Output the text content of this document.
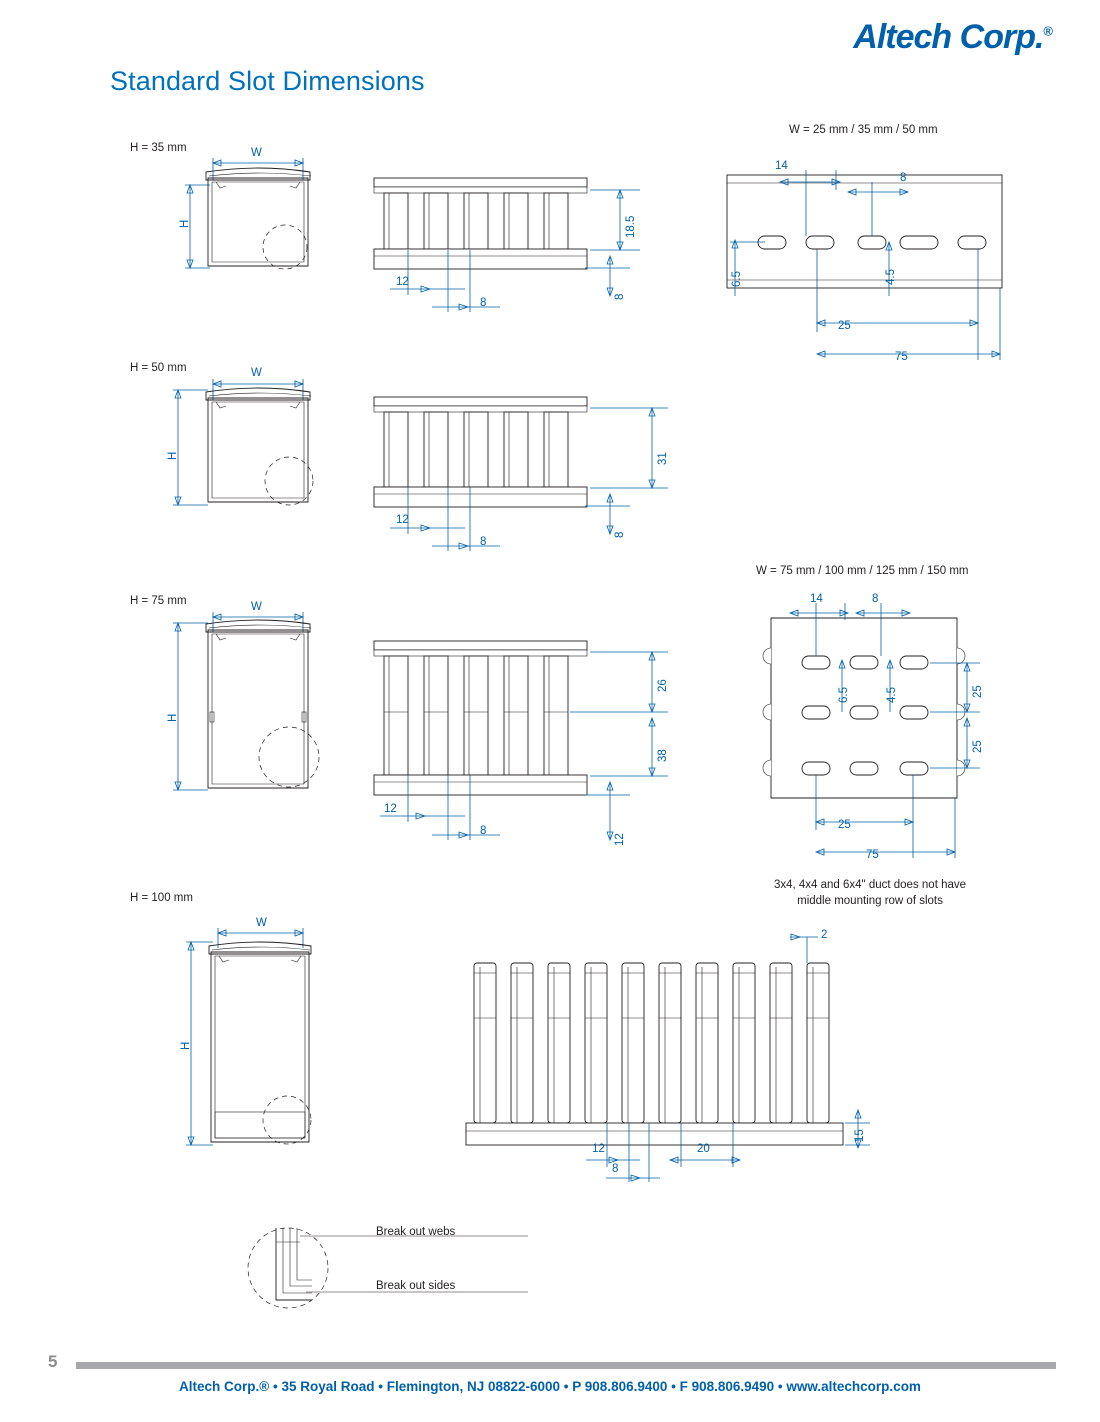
Altech Corp.®
Standard Slot Dimensions
H = 35 mm	W
H	18.5
12
8
8
W = 25 mm / 35 mm / 50 mm
14
8
6.5	4.5
25
75
H = 50 mm	W
H	31
12
8
8
H = 75 mm	W
H
26
38
12
12
8
W = 75 mm / 100 mm / 125 mm / 150 mm
14	8
6.5	4.5	25
25
25
75
3x4, 4x4 and 6x4" duct does not have
middle mounting row of slots
H = 100 mm
W
H
2
15
12
8
20
Break out webs
Break out sides
5
Altech Corp.® • 35 Royal Road • Flemington, NJ 08822-6000 • P 908.806.9400 • F 908.806.9490 • www.altechcorp.com
